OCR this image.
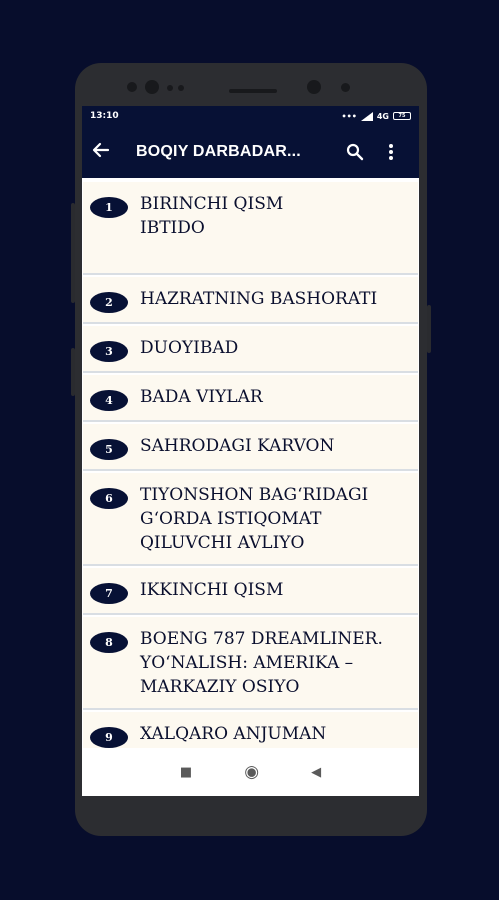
13:10	•••	4G 75
BOQIY DARBADAR...
1	BIRINCHI QISM
IBTIDO
2	HAZRATNING BASHORATI
3	DUOYIBAD
4	BADA VIYLAR
5	SAHRODAGI KARVON
6	TIYONSHON BAG‘RIDAGI
G‘ORDA ISTIQOMAT
QILUVCHI AVLIYO
7	IKKINCHI QISM
8	BOENG 787 DREAMLINER.
YO‘NALISH: AMERIKA –
MARKAZIY OSIYO
9	XALQARO ANJUMAN
■	◉	◀
